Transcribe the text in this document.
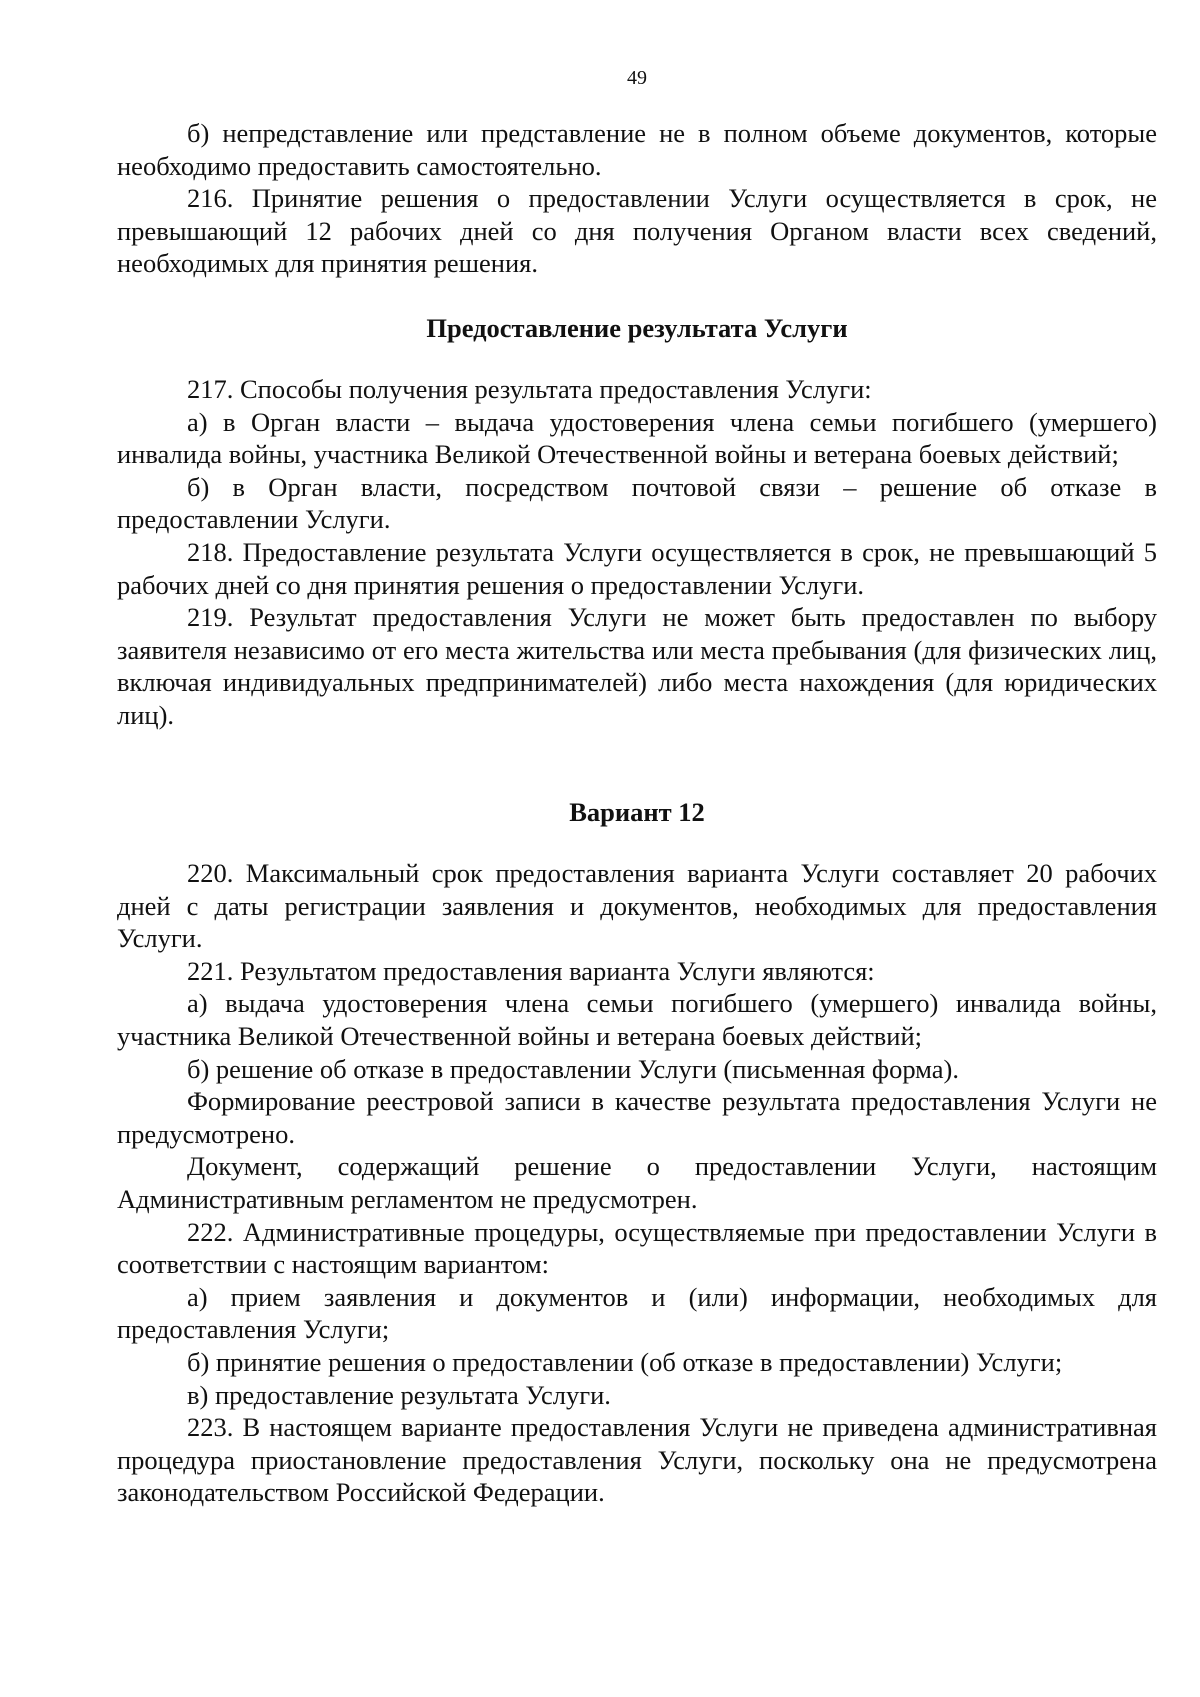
49

б) непредставление или представление не в полном объеме документов, которые необходимо предоставить самостоятельно.

216. Принятие решения о предоставлении Услуги осуществляется в срок, не превышающий 12 рабочих дней со дня получения Органом власти всех сведений, необходимых для принятия решения.

Предоставление результата Услуги

217. Способы получения результата предоставления Услуги:

а) в Орган власти – выдача удостоверения члена семьи погибшего (умершего) инвалида войны, участника Великой Отечественной войны и ветерана боевых действий;

б) в Орган власти, посредством почтовой связи – решение об отказе в предоставлении Услуги.

218. Предоставление результата Услуги осуществляется в срок, не превышающий 5 рабочих дней со дня принятия решения о предоставлении Услуги.

219. Результат предоставления Услуги не может быть предоставлен по выбору заявителя независимо от его места жительства или места пребывания (для физических лиц, включая индивидуальных предпринимателей) либо места нахождения (для юридических лиц).

Вариант 12

220. Максимальный срок предоставления варианта Услуги составляет 20 рабочих дней с даты регистрации заявления и документов, необходимых для предоставления Услуги.

221. Результатом предоставления варианта Услуги являются:

а) выдача удостоверения члена семьи погибшего (умершего) инвалида войны, участника Великой Отечественной войны и ветерана боевых действий;

б) решение об отказе в предоставлении Услуги (письменная форма).

Формирование реестровой записи в качестве результата предоставления Услуги не предусмотрено.

Документ, содержащий решение о предоставлении Услуги, настоящим Административным регламентом не предусмотрен.

222. Административные процедуры, осуществляемые при предоставлении Услуги в соответствии с настоящим вариантом:

а) прием заявления и документов и (или) информации, необходимых для предоставления Услуги;

б) принятие решения о предоставлении (об отказе в предоставлении) Услуги;

в) предоставление результата Услуги.

223. В настоящем варианте предоставления Услуги не приведена административная процедура приостановление предоставления Услуги, поскольку она не предусмотрена законодательством Российской Федерации.
